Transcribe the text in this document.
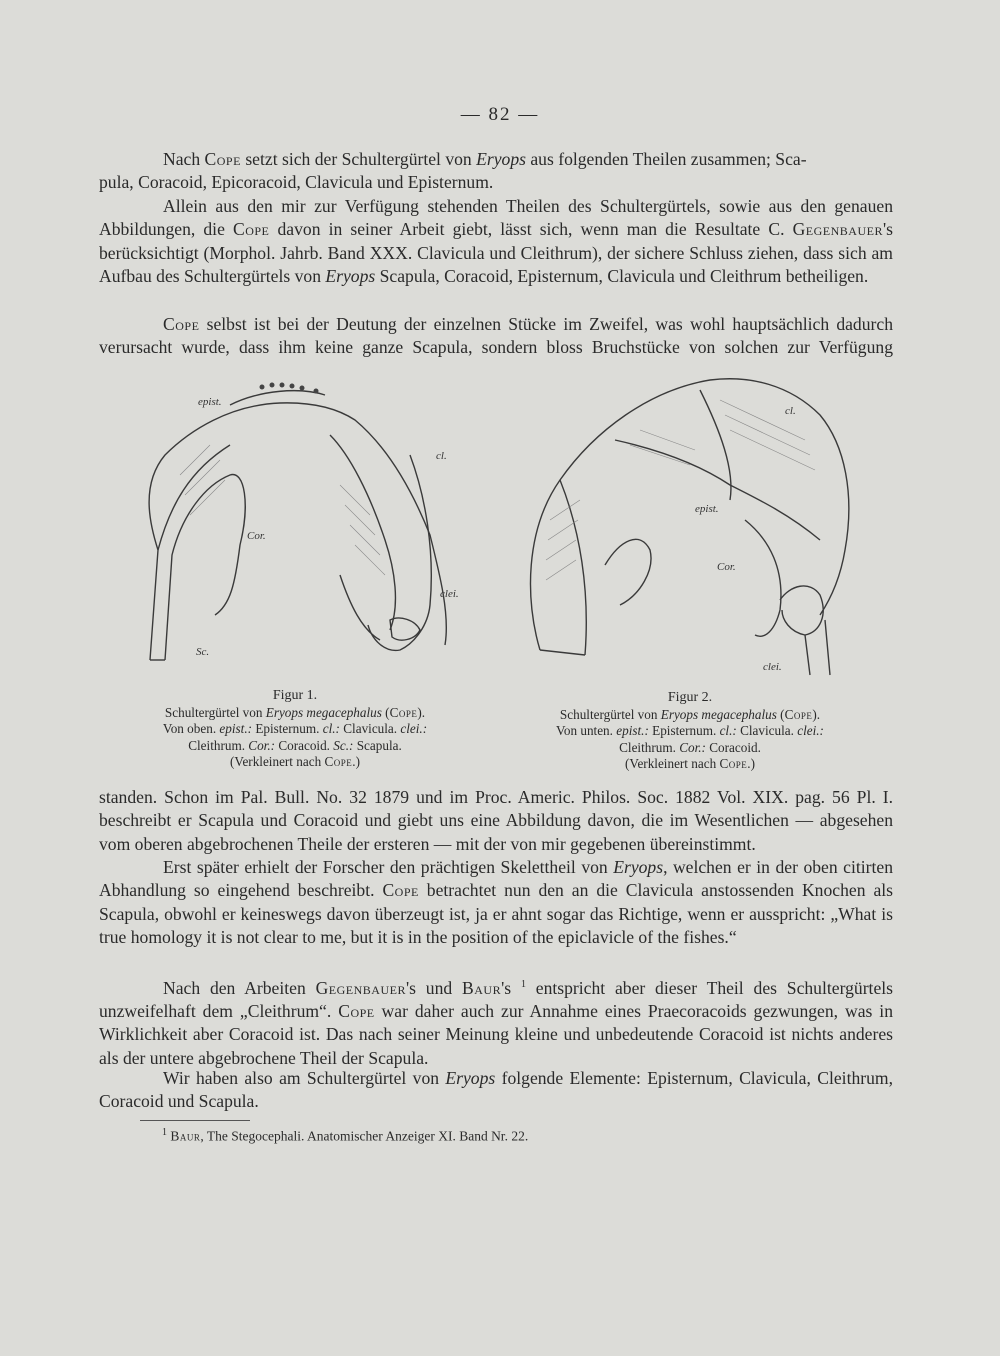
— 82 —

Nach Cope setzt sich der Schultergürtel von Eryops aus folgenden Theilen zusammen; Sca-
pula, Coracoid, Epicoracoid, Clavicula und Episternum.

Allein aus den mir zur Verfügung stehenden Theilen des Schultergürtels, sowie aus den genauen Abbildungen, die Cope davon in seiner Arbeit giebt, lässt sich, wenn man die Resultate C. Gegenbauer's berücksichtigt (Morphol. Jahrb. Band XXX. Clavicula und Cleithrum), der sichere Schluss ziehen, dass sich am Aufbau des Schultergürtels von Eryops Scapula, Coracoid, Episternum, Clavicula und Cleithrum betheiligen.

Cope selbst ist bei der Deutung der einzelnen Stücke im Zweifel, was wohl hauptsächlich dadurch verursacht wurde, dass ihm keine ganze Scapula, sondern bloss Bruchstücke von solchen zur Verfügung

epist.
cl.
Cor.
clei.
Sc.
Figur 1.
Schultergürtel von Eryops megacephalus (Cope).
Von oben. epist.: Episternum. cl.: Clavicula. clei.:
Cleithrum. Cor.: Coracoid. Sc.: Scapula.
(Verkleinert nach Cope.)
cl.
epist.
Cor.
clei.
Figur 2.
Schultergürtel von Eryops megacephalus (Cope).
Von unten. epist.: Episternum. cl.: Clavicula. clei.:
Cleithrum. Cor.: Coracoid.
(Verkleinert nach Cope.)

standen. Schon im Pal. Bull. No. 32 1879 und im Proc. Americ. Philos. Soc. 1882 Vol. XIX. pag. 56 Pl. I. beschreibt er Scapula und Coracoid und giebt uns eine Abbildung davon, die im Wesentlichen — abgesehen vom oberen abgebrochenen Theile der ersteren — mit der von mir gegebenen übereinstimmt.

Erst später erhielt der Forscher den prächtigen Skelettheil von Eryops, welchen er in der oben citirten Abhandlung so eingehend beschreibt. Cope betrachtet nun den an die Clavicula anstossenden Knochen als Scapula, obwohl er keineswegs davon überzeugt ist, ja er ahnt sogar das Richtige, wenn er ausspricht: „What is true homology it is not clear to me, but it is in the position of the epiclavicle of the fishes.“

Nach den Arbeiten Gegenbauer's und Baur's $^1$ entspricht aber dieser Theil des Schultergürtels unzweifelhaft dem „Cleithrum“. Cope war daher auch zur Annahme eines Praecoracoids gezwungen, was in Wirklichkeit aber Coracoid ist. Das nach seiner Meinung kleine und unbedeutende Coracoid ist nichts anderes als der untere abgebrochene Theil der Scapula.

Wir haben also am Schultergürtel von Eryops folgende Elemente: Episternum, Clavicula, Cleithrum, Coracoid und Scapula.

$^1$ Baur, The Stegocephali. Anatomischer Anzeiger XI. Band Nr. 22.
